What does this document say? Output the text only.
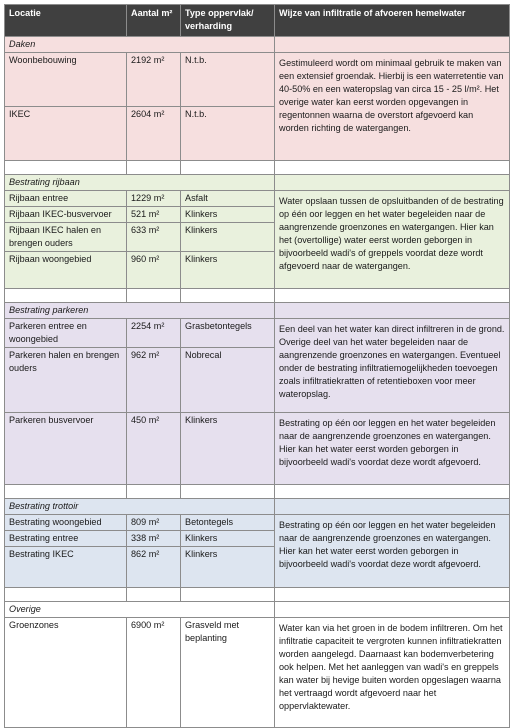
Locatie	Aantal m²	Type oppervlak/ verharding	Wijze van infiltratie of afvoeren hemelwater
Daken			
Woonbebouwing	2192 m²	N.t.b.	Gestimuleerd wordt om minimaal gebruik te maken van een extensief groendak. Hierbij is een waterretentie van 40-50% en een wateropslag van circa 15 - 25 l/m². Het overige water kan eerst worden opgevangen in regentonnen waarna de overstort afgevoerd kan worden richting de watergangen.
IKEC	2604 m²	N.t.b.	

Bestrating rijbaan			
Rijbaan entree	1229 m²	Asfalt	Water opslaan tussen de opsluitbanden of de bestrating op één oor leggen en het water begeleiden naar de aangrenzende groenzones en watergangen. Hier kan het (overtollige) water eerst worden geborgen in bijvoorbeeld wadi's of greppels voordat deze wordt afgevoerd naar de watergangen.
Rijbaan IKEC-busvervoer	521 m²	Klinkers	
Rijbaan IKEC halen en brengen ouders	633 m²	Klinkers	
Rijbaan woongebied	960 m²	Klinkers	

Bestrating parkeren			
Parkeren entree en woongebied	2254 m²	Grasbetontegels	Een deel van het water kan direct infiltreren in de grond. Overige deel van het water begeleiden naar de aangrenzende groenzones en watergangen. Eventueel onder de bestrating infiltratiemogelijkheden toevoegen zoals infiltratiekratten of retentieboxen voor meer wateropslag.
Parkeren halen en brengen ouders	962 m²	Nobrecal	
Parkeren busvervoer	450 m²	Klinkers	Bestrating op één oor leggen en het water begeleiden naar de aangrenzende groenzones en watergangen. Hier kan het water eerst worden geborgen in bijvoorbeeld wadi's voordat deze wordt afgevoerd.

Bestrating trottoir			
Bestrating woongebied	809 m²	Betontegels	Bestrating op één oor leggen en het water begeleiden naar de aangrenzende groenzones en watergangen. Hier kan het water eerst worden geborgen in bijvoorbeeld wadi's voordat deze wordt afgevoerd.
Bestrating entree	338 m²	Klinkers	
Bestrating IKEC	862 m²	Klinkers	

Overige			
Groenzones	6900 m²	Grasveld met beplanting	Water kan via het groen in de bodem infiltreren. Om het infiltratie capaciteit te vergroten kunnen infiltratiekratten worden aangelegd. Daarnaast kan bodemverbetering ook helpen. Met het aanleggen van wadi's en greppels kan water bij hevige buiten worden opgeslagen waarna het vertraagd wordt afgevoerd naar het oppervlaktewater.
